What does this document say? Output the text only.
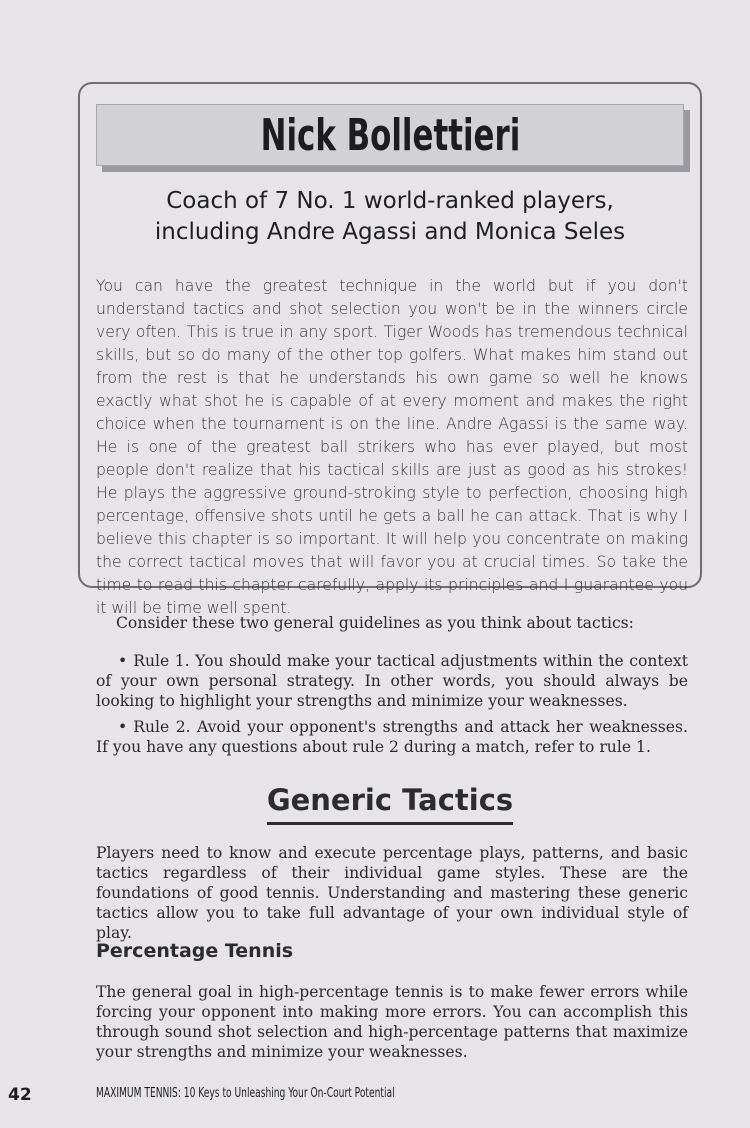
Nick Bollettieri
Coach of 7 No. 1 world-ranked players,
including Andre Agassi and Monica Seles

You can have the greatest technique in the world but if you don't understand tactics and shot selection you won't be in the winners circle very often. This is true in any sport. Tiger Woods has tremendous technical skills, but so do many of the other top golfers. What makes him stand out from the rest is that he understands his own game so well he knows exactly what shot he is capable of at every moment and makes the right choice when the tournament is on the line. Andre Agassi is the same way. He is one of the greatest ball strikers who has ever played, but most people don't realize that his tactical skills are just as good as his strokes! He plays the aggressive ground-stroking style to perfection, choosing high percentage, offensive shots until he gets a ball he can attack. That is why I believe this chapter is so important. It will help you concentrate on making the correct tactical moves that will favor you at crucial times. So take the time to read this chapter carefully, apply its principles and I guarantee you it will be time well spent.

Consider these two general guidelines as you think about tactics:

• Rule 1. You should make your tactical adjustments within the context of your own personal strategy. In other words, you should always be looking to highlight your strengths and minimize your weaknesses.

• Rule 2. Avoid your opponent's strengths and attack her weaknesses. If you have any questions about rule 2 during a match, refer to rule 1.

Generic Tactics

Players need to know and execute percentage plays, patterns, and basic tactics regardless of their individual game styles. These are the foundations of good tennis. Understanding and mastering these generic tactics allow you to take full advantage of your own individual style of play.

Percentage Tennis

The general goal in high-percentage tennis is to make fewer errors while forcing your opponent into making more errors. You can accomplish this through sound shot selection and high-percentage patterns that maximize your strengths and minimize your weaknesses.

42	MAXIMUM TENNIS: 10 Keys to Unleashing Your On-Court Potential
